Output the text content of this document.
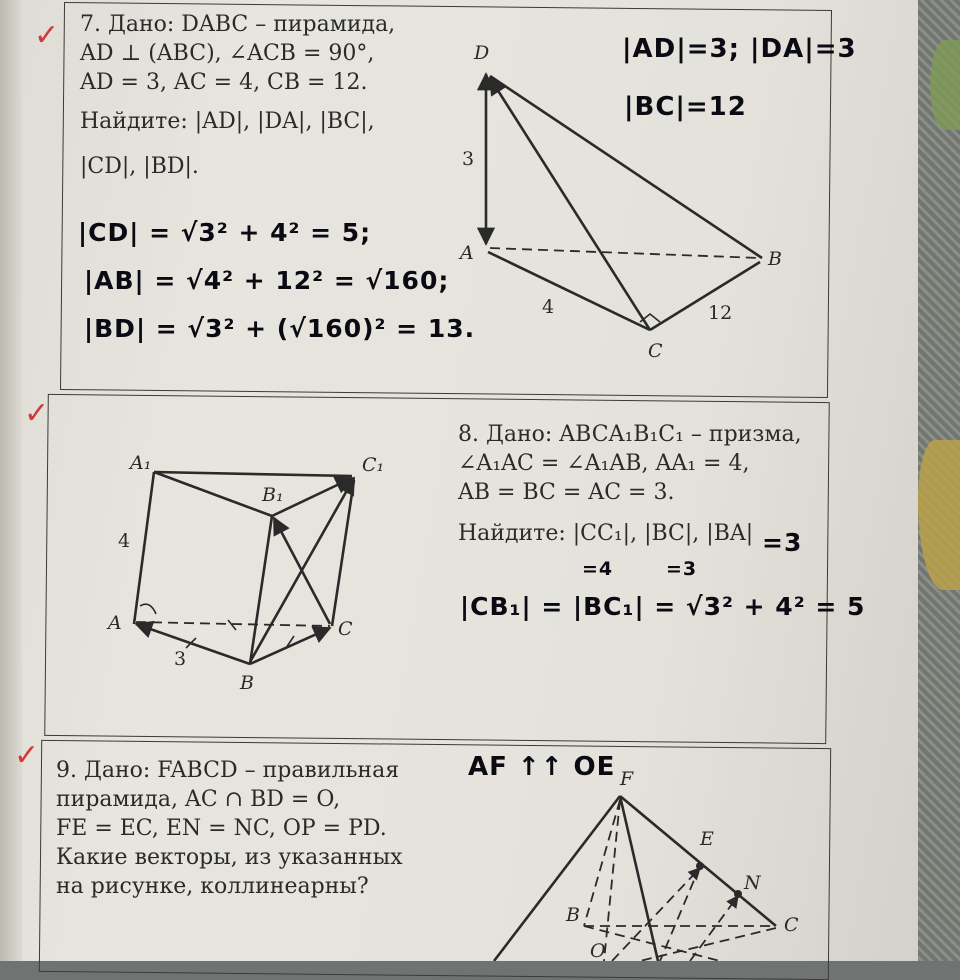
✓
✓
✓
7. Дано: DABC – пирамида,
AD ⊥ (ABC), ∠ACB = 90°,
AD = 3, AC = 4, CB = 12.
Найдите: |AD|, |DA|, |BC|,
|CD|, |BD|.
D
A	B
C
3
4	12
|AD|=3; |DA|=3
|BC|=12
|CD| = √3² + 4² = 5;
|AB| = √4² + 12² = √160;
|BD| = √3² + (√160)² = 13.
8. Дано: ABCA₁B₁C₁ – призма,
∠A₁AC = ∠A₁AB, AA₁ = 4,
AB = BC = AC = 3.
Найдите: |CC₁|, |BC|, |BA| =3
=4	=3
|CB₁| = |BC₁| = √3² + 4² = 5
A₁	C₁
B₁
A	C
B
4
3
9. Дано: FABCD – правильная
пирамида, AC ∩ BD = O,
FE = EC, EN = NC, OP = PD.
Какие векторы, из указанных
на рисунке, коллинеарны?
AF ↑↑ OE F
E
N
B	C
O
